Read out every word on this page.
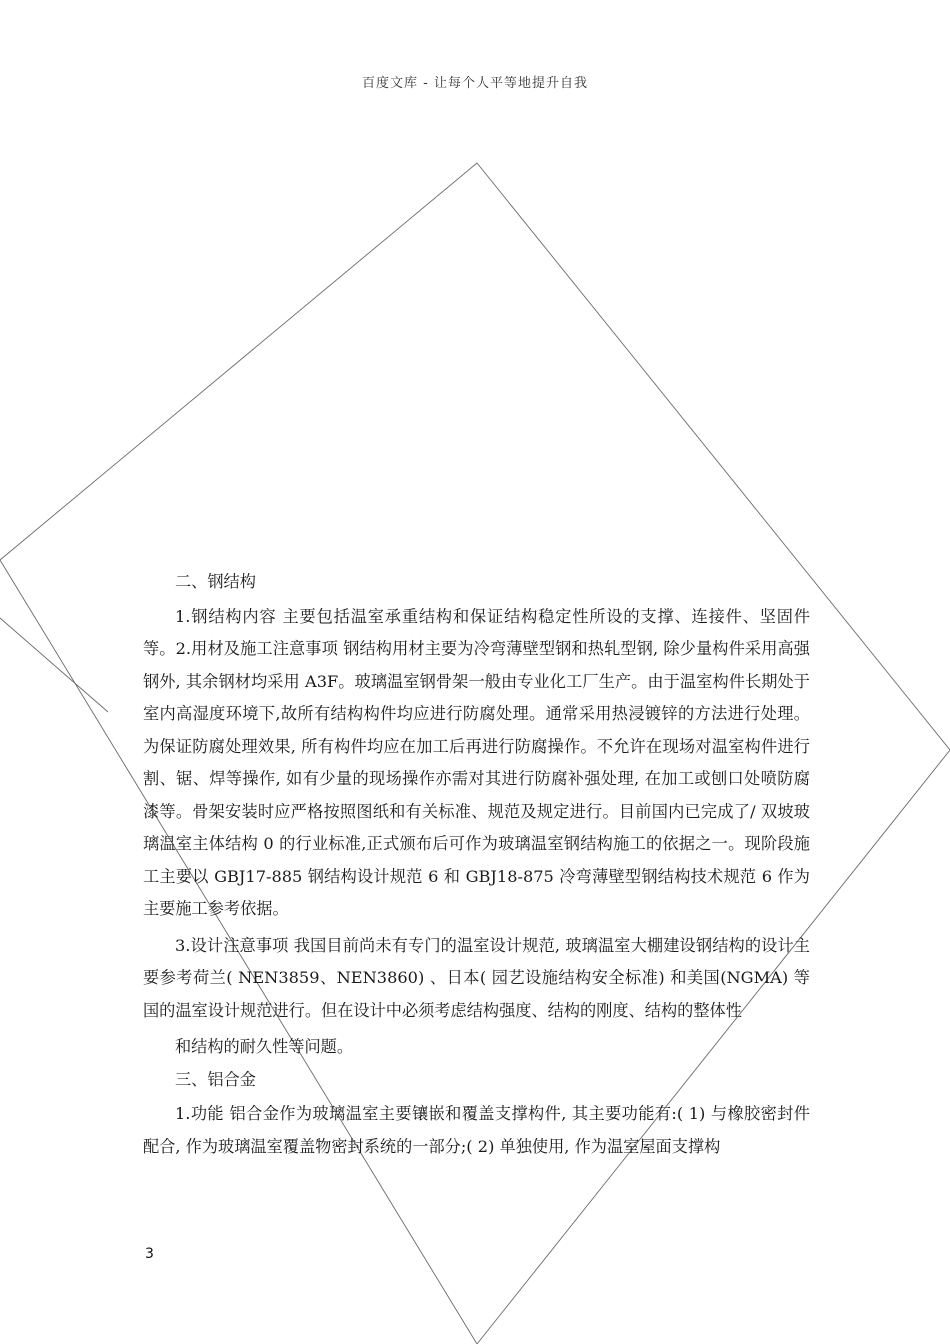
百度文库 - 让每个人平等地提升自我

二、钢结构

1.钢结构内容 主要包括温室承重结构和保证结构稳定性所设的支撑、连接件、坚固件等。2.用材及施工注意事项 钢结构用材主要为冷弯薄壁型钢和热轧型钢, 除少量构件采用高强钢外, 其余钢材均采用 A3F。玻璃温室钢骨架一般由专业化工厂生产。由于温室构件长期处于室内高湿度环境下,故所有结构构件均应进行防腐处理。通常采用热浸镀锌的方法进行处理。为保证防腐处理效果, 所有构件均应在加工后再进行防腐操作。不允许在现场对温室构件进行割、锯、焊等操作, 如有少量的现场操作亦需对其进行防腐补强处理, 在加工或刨口处喷防腐漆等。骨架安装时应严格按照图纸和有关标准、规范及规定进行。目前国内已完成了/ 双坡玻璃温室主体结构 0 的行业标准,正式颁布后可作为玻璃温室钢结构施工的依据之一。现阶段施工主要以 GBJ17-885 钢结构设计规范 6 和 GBJ18-875 冷弯薄壁型钢结构技术规范 6 作为主要施工参考依据。

3.设计注意事项 我国目前尚未有专门的温室设计规范, 玻璃温室大棚建设钢结构的设计主要参考荷兰( NEN3859、NEN3860) 、日本( 园艺设施结构安全标准) 和美国(NGMA) 等国的温室设计规范进行。但在设计中必须考虑结构强度、结构的刚度、结构的整体性

和结构的耐久性等问题。

三、铝合金

1.功能 铝合金作为玻璃温室主要镶嵌和覆盖支撑构件, 其主要功能有:( 1) 与橡胶密封件配合, 作为玻璃温室覆盖物密封系统的一部分;( 2) 单独使用, 作为温室屋面支撑构

3
